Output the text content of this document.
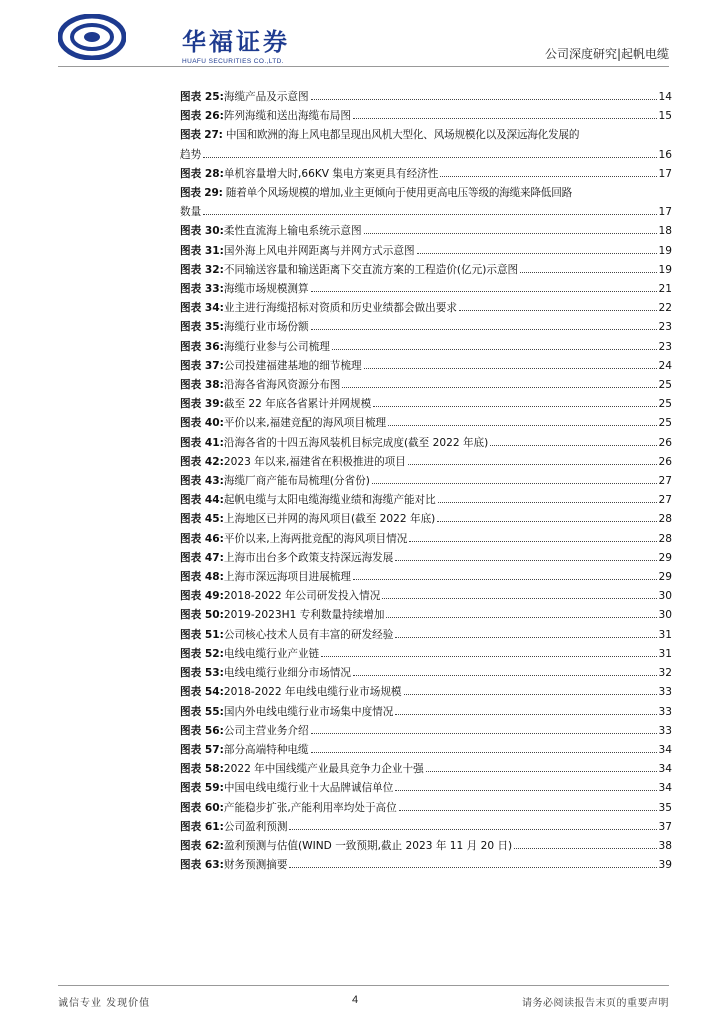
华福证券
HUAFU SECURITIES CO.,LTD.
公司深度研究|起帆电缆
图表 25: 海缆产品及示意图	14
图表 26: 阵列海缆和送出海缆布局图	15
图表 27: 中国和欧洲的海上风电都呈现出风机大型化、风场规模化以及深远海化发展的
趋势	16
图表 28: 单机容量增大时,66KV 集电方案更具有经济性	17
图表 29: 随着单个风场规模的增加,业主更倾向于使用更高电压等级的海缆来降低回路
数量	17
图表 30: 柔性直流海上输电系统示意图	18
图表 31: 国外海上风电并网距离与并网方式示意图	19
图表 32: 不同输送容量和输送距离下交直流方案的工程造价(亿元)示意图	19
图表 33: 海缆市场规模测算	21
图表 34: 业主进行海缆招标对资质和历史业绩都会做出要求	22
图表 35: 海缆行业市场份额	23
图表 36: 海缆行业参与公司梳理	23
图表 37: 公司投建福建基地的细节梳理	24
图表 38: 沿海各省海风资源分布图	25
图表 39: 截至 22 年底各省累计并网规模	25
图表 40: 平价以来,福建竞配的海风项目梳理	25
图表 41: 沿海各省的十四五海风装机目标完成度(截至 2022 年底)	26
图表 42: 2023 年以来,福建省在积极推进的项目	26
图表 43: 海缆厂商产能布局梳理(分省份)	27
图表 44: 起帆电缆与太阳电缆海缆业绩和海缆产能对比	27
图表 45: 上海地区已并网的海风项目(截至 2022 年底)	28
图表 46: 平价以来,上海两批竞配的海风项目情况	28
图表 47: 上海市出台多个政策支持深远海发展	29
图表 48: 上海市深远海项目进展梳理	29
图表 49: 2018-2022 年公司研发投入情况	30
图表 50: 2019-2023H1 专利数量持续增加	30
图表 51: 公司核心技术人员有丰富的研发经验	31
图表 52: 电线电缆行业产业链	31
图表 53: 电线电缆行业细分市场情况	32
图表 54: 2018-2022 年电线电缆行业市场规模	33
图表 55: 国内外电线电缆行业市场集中度情况	33
图表 56: 公司主营业务介绍	33
图表 57: 部分高端特种电缆	34
图表 58: 2022 年中国线缆产业最具竞争力企业十强	34
图表 59: 中国电线电缆行业十大品牌诚信单位	34
图表 60: 产能稳步扩张,产能利用率均处于高位	35
图表 61: 公司盈利预测	37
图表 62: 盈利预测与估值(WIND 一致预期,截止 2023 年 11 月 20 日)	38
图表 63: 财务预测摘要	39
诚信专业 发现价值	4	请务必阅读报告末页的重要声明
